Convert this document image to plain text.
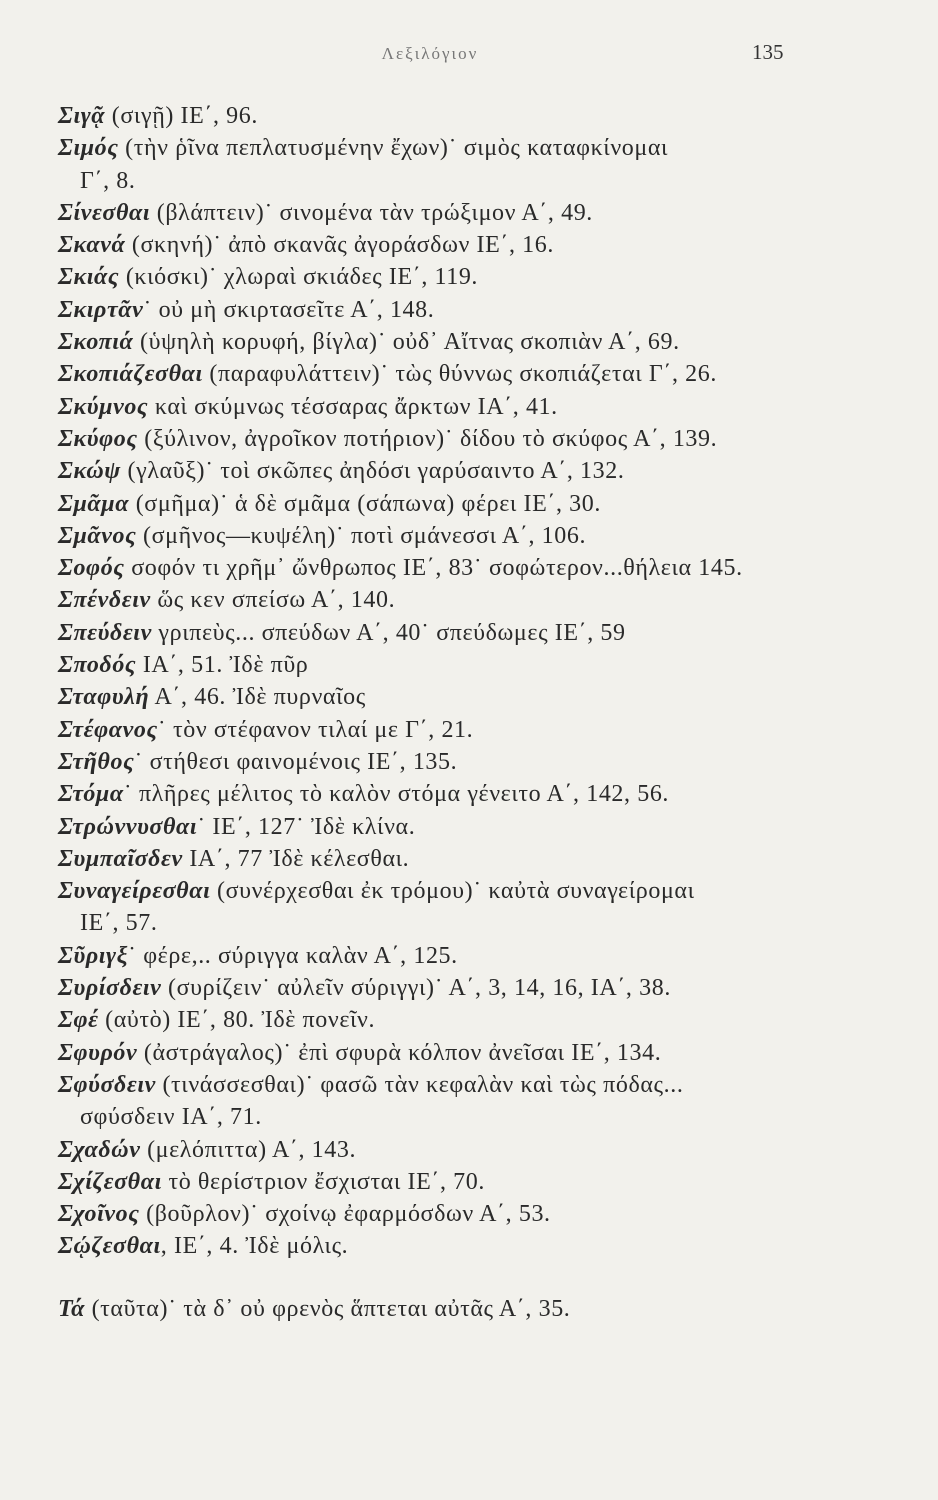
Λεξιλόγιον	135
Σιγᾷ (σιγῇ) ΙΕ΄, 96.
Σιμός (τὴν ῥῖνα πεπλατυσμένην ἔχων)˙ σιμὸς καταφκίνομαι
Γ΄, 8.
Σίνεσθαι (βλάπτειν)˙ σινομένα τὰν τρώξιμον Α΄, 49.
Σκανά (σκηνή)˙ ἀπὸ σκανᾶς ἀγοράσδων ΙΕ΄, 16.
Σκιάς (κιόσκι)˙ χλωραὶ σκιάδες ΙΕ΄, 119.
Σκιρτᾶν˙ οὐ μὴ σκιρτασεῖτε Α΄, 148.
Σκοπιά (ὑψηλὴ κορυφή, βίγλα)˙ οὐδ᾽ Αἴτνας σκοπιὰν Α΄, 69.
Σκοπιάζεσθαι (παραφυλάττειν)˙ τὼς θύννως σκοπιάζεται Γ΄, 26.
Σκύμνος καὶ σκύμνως τέσσαρας ἄρκτων ΙΑ΄, 41.
Σκύφος (ξύλινον, ἀγροῖκον ποτήριον)˙ δίδου τὸ σκύφος Α΄, 139.
Σκώψ (γλαῦξ)˙ τοὶ σκῶπες ἀηδόσι γαρύσαιντο Α΄, 132.
Σμᾶμα (σμῆμα)˙ ἁ δὲ σμᾶμα (σάπωνα) φέρει ΙΕ΄, 30.
Σμᾶνος (σμῆνος—κυψέλη)˙ ποτὶ σμάνεσσι Α΄, 106.
Σοφός σοφόν τι χρῆμ᾽ ὤνθρωπος ΙΕ΄, 83˙ σοφώτερον...θήλεια 145.
Σπένδειν ὥς κεν σπείσω Α΄, 140.
Σπεύδειν γριπεὺς... σπεύδων Α΄, 40˙ σπεύδωμες ΙΕ΄, 59
Σποδός ΙΑ΄, 51. Ἰδὲ πῦρ
Σταφυλή Α΄, 46. Ἰδὲ πυρναῖος
Στέφανος˙ τὸν στέφανον τιλαί με Γ΄, 21.
Στῆθος˙ στήθεσι φαινομένοις ΙΕ΄, 135.
Στόμα˙ πλῆρες μέλιτος τὸ καλὸν στόμα γένειτο Α΄, 142, 56.
Στρώννυσθαι˙ ΙΕ΄, 127˙ Ἰδὲ κλίνα.
Συμπαῖσδεν ΙΑ΄, 77 Ἰδὲ κέλεσθαι.
Συναγείρεσθαι (συνέρχεσθαι ἐκ τρόμου)˙ καὐτὰ συναγείρομαι
ΙΕ΄, 57.
Σῦριγξ˙ φέρε,.. σύριγγα καλὰν Α΄, 125.
Συρίσδειν (συρίζειν˙ αὐλεῖν σύριγγι)˙ Α΄, 3, 14, 16, ΙΑ΄, 38.
Σφέ (αὐτὸ) ΙΕ΄, 80. Ἰδὲ πονεῖν.
Σφυρόν (ἀστράγαλος)˙ ἐπὶ σφυρὰ κόλπον ἀνεῖσαι ΙΕ΄, 134.
Σφύσδειν (τινάσσεσθαι)˙ φασῶ τὰν κεφαλὰν καὶ τὼς πόδας...
σφύσδειν ΙΑ΄, 71.
Σχαδών (μελόπιττα) Α΄, 143.
Σχίζεσθαι τὸ θερίστριον ἔσχισται ΙΕ΄, 70.
Σχοῖνος (βοῦρλον)˙ σχοίνῳ ἐφαρμόσδων Α΄, 53.
Σῴζεσθαι, ΙΕ΄, 4. Ἰδὲ μόλις.
Τά (ταῦτα)˙ τὰ δ᾽ οὐ φρενὸς ἅπτεται αὐτᾶς Α΄, 35.
